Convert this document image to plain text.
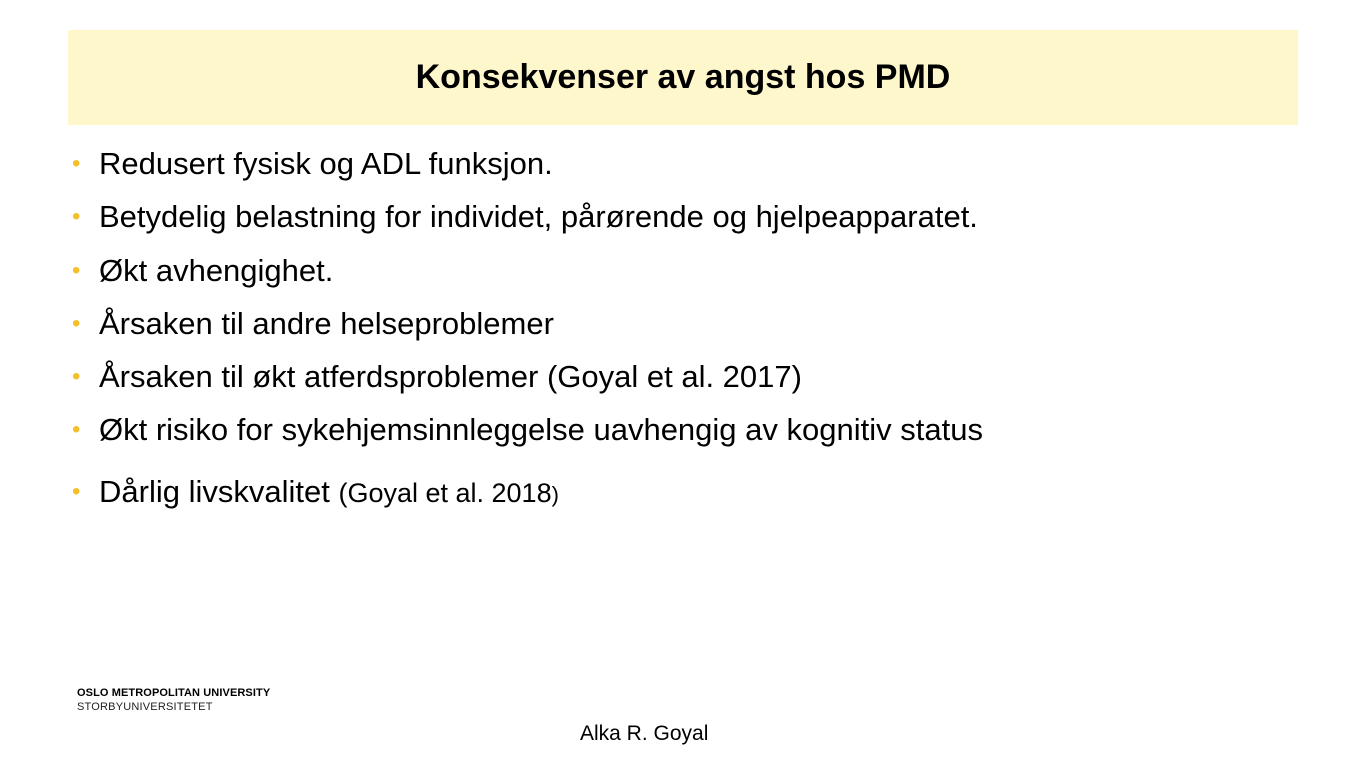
Konsekvenser av angst hos PMD
• Redusert fysisk og ADL funksjon.
• Betydelig belastning for individet, pårørende og hjelpeapparatet.
• Økt avhengighet.
• Årsaken til andre helseproblemer
• Årsaken til økt atferdsproblemer (Goyal et al. 2017)
• Økt risiko for sykehjemsinnleggelse uavhengig av kognitiv status
• Dårlig livskvalitet (Goyal et al. 2018)
OSLO METROPOLITAN UNIVERSITY
STORBYUNIVERSITETET
Alka R. Goyal
